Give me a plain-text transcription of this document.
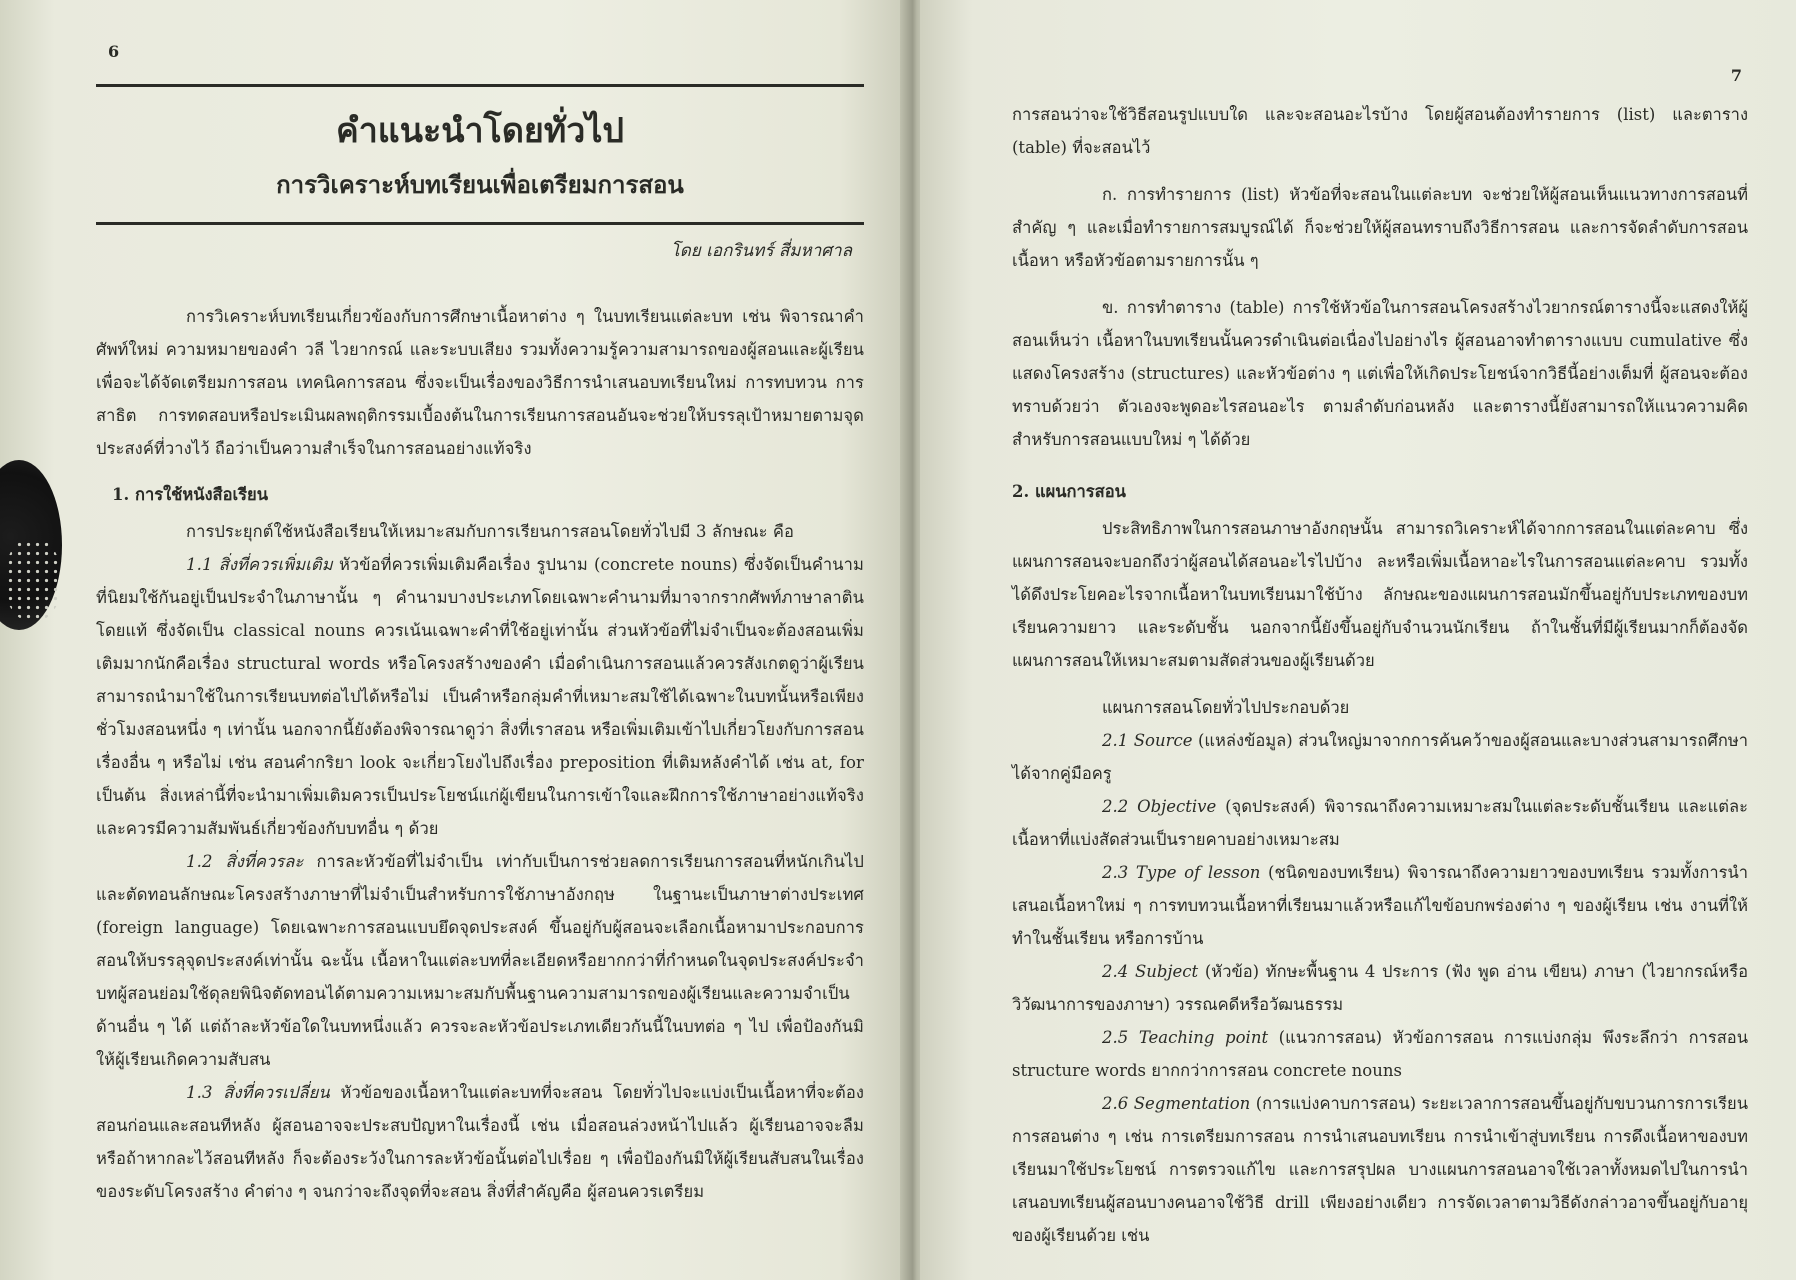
6
คำแนะนำโดยทั่วไป
การวิเคราะห์บทเรียนเพื่อเตรียมการสอน
โดย เอกรินทร์ สี่มหาศาล

การวิเคราะห์บทเรียนเกี่ยวข้องกับการศึกษาเนื้อหาต่าง ๆ ในบทเรียนแต่ละบท เช่น พิจารณาคำศัพท์ใหม่ ความหมายของคำ วลี ไวยากรณ์ และระบบเสียง รวมทั้งความรู้ความสามารถของผู้สอนและผู้เรียน เพื่อจะได้จัดเตรียมการสอน เทคนิคการสอน ซึ่งจะเป็นเรื่องของวิธีการนำเสนอบทเรียนใหม่ การทบทวน การสาธิต การทดสอบหรือประเมินผลพฤติกรรมเบื้องต้นในการเรียนการสอนอันจะช่วยให้บรรลุเป้าหมายตามจุดประสงค์ที่วางไว้ ถือว่าเป็นความสำเร็จในการสอนอย่างแท้จริง

1. การใช้หนังสือเรียน

การประยุกต์ใช้หนังสือเรียนให้เหมาะสมกับการเรียนการสอนโดยทั่วไปมี 3 ลักษณะ คือ

1.1 สิ่งที่ควรเพิ่มเติม หัวข้อที่ควรเพิ่มเติมคือเรื่อง รูปนาม (concrete nouns) ซึ่งจัดเป็นคำนามที่นิยมใช้กันอยู่เป็นประจำในภาษานั้น ๆ คำนามบางประเภทโดยเฉพาะคำนามที่มาจากรากศัพท์ภาษาลาตินโดยแท้ ซึ่งจัดเป็น classical nouns ควรเน้นเฉพาะคำที่ใช้อยู่เท่านั้น ส่วนหัวข้อที่ไม่จำเป็นจะต้องสอนเพิ่มเติมมากนักคือเรื่อง structural words หรือโครงสร้างของคำ เมื่อดำเนินการสอนแล้วควรสังเกตดูว่าผู้เรียนสามารถนำมาใช้ในการเรียนบทต่อไปได้หรือไม่ เป็นคำหรือกลุ่มคำที่เหมาะสมใช้ได้เฉพาะในบทนั้นหรือเพียงชั่วโมงสอนหนึ่ง ๆ เท่านั้น นอกจากนี้ยังต้องพิจารณาดูว่า สิ่งที่เราสอน หรือเพิ่มเติมเข้าไปเกี่ยวโยงกับการสอนเรื่องอื่น ๆ หรือไม่ เช่น สอนคำกริยา look จะเกี่ยวโยงไปถึงเรื่อง preposition ที่เติมหลังคำได้ เช่น at, for เป็นต้น สิ่งเหล่านี้ที่จะนำมาเพิ่มเติมควรเป็นประโยชน์แก่ผู้เขียนในการเข้าใจและฝึกการใช้ภาษาอย่างแท้จริง และควรมีความสัมพันธ์เกี่ยวข้องกับบทอื่น ๆ ด้วย

1.2 สิ่งที่ควรละ การละหัวข้อที่ไม่จำเป็น เท่ากับเป็นการช่วยลดการเรียนการสอนที่หนักเกินไป และตัดทอนลักษณะโครงสร้างภาษาที่ไม่จำเป็นสำหรับการใช้ภาษาอังกฤษ ในฐานะเป็นภาษาต่างประเทศ (foreign language) โดยเฉพาะการสอนแบบยึดจุดประสงค์ ขึ้นอยู่กับผู้สอนจะเลือกเนื้อหามาประกอบการสอนให้บรรลุจุดประสงค์เท่านั้น ฉะนั้น เนื้อหาในแต่ละบทที่ละเอียดหรือยากกว่าที่กำหนดในจุดประสงค์ประจำบทผู้สอนย่อมใช้ดุลยพินิจตัดทอนได้ตามความเหมาะสมกับพื้นฐานความสามารถของผู้เรียนและความจำเป็นด้านอื่น ๆ ได้ แต่ถ้าละหัวข้อใดในบทหนึ่งแล้ว ควรจะละหัวข้อประเภทเดียวกันนี้ในบทต่อ ๆ ไป เพื่อป้องกันมิให้ผู้เรียนเกิดความสับสน

1.3 สิ่งที่ควรเปลี่ยน หัวข้อของเนื้อหาในแต่ละบทที่จะสอน โดยทั่วไปจะแบ่งเป็นเนื้อหาที่จะต้องสอนก่อนและสอนทีหลัง ผู้สอนอาจจะประสบปัญหาในเรื่องนี้ เช่น เมื่อสอนล่วงหน้าไปแล้ว ผู้เรียนอาจจะลืมหรือถ้าหากละไว้สอนทีหลัง ก็จะต้องระวังในการละหัวข้อนั้นต่อไปเรื่อย ๆ เพื่อป้องกันมิให้ผู้เรียนสับสนในเรื่องของระดับโครงสร้าง คำต่าง ๆ จนกว่าจะถึงจุดที่จะสอน สิ่งที่สำคัญคือ ผู้สอนควรเตรียม

7

การสอนว่าจะใช้วิธีสอนรูปแบบใด และจะสอนอะไรบ้าง โดยผู้สอนต้องทำรายการ (list) และตาราง (table) ที่จะสอนไว้

ก. การทำรายการ (list) หัวข้อที่จะสอนในแต่ละบท จะช่วยให้ผู้สอนเห็นแนวทางการสอนที่สำคัญ ๆ และเมื่อทำรายการสมบูรณ์ได้ ก็จะช่วยให้ผู้สอนทราบถึงวิธีการสอน และการจัดลำดับการสอนเนื้อหา หรือหัวข้อตามรายการนั้น ๆ

ข. การทำตาราง (table) การใช้หัวข้อในการสอนโครงสร้างไวยากรณ์ตารางนี้จะแสดงให้ผู้สอนเห็นว่า เนื้อหาในบทเรียนนั้นควรดำเนินต่อเนื่องไปอย่างไร ผู้สอนอาจทำตารางแบบ cumulative ซึ่งแสดงโครงสร้าง (structures) และหัวข้อต่าง ๆ แต่เพื่อให้เกิดประโยชน์จากวิธีนี้อย่างเต็มที่ ผู้สอนจะต้องทราบด้วยว่า ตัวเองจะพูดอะไรสอนอะไร ตามลำดับก่อนหลัง และตารางนี้ยังสามารถให้แนวความคิดสำหรับการสอนแบบใหม่ ๆ ได้ด้วย

2. แผนการสอน

ประสิทธิภาพในการสอนภาษาอังกฤษนั้น สามารถวิเคราะห์ได้จากการสอนในแต่ละคาบ ซึ่งแผนการสอนจะบอกถึงว่าผู้สอนได้สอนอะไรไปบ้าง ละหรือเพิ่มเนื้อหาอะไรในการสอนแต่ละคาบ รวมทั้งได้ดึงประโยคอะไรจากเนื้อหาในบทเรียนมาใช้บ้าง ลักษณะของแผนการสอนมักขึ้นอยู่กับประเภทของบทเรียนความยาว และระดับชั้น นอกจากนี้ยังขึ้นอยู่กับจำนวนนักเรียน ถ้าในชั้นที่มีผู้เรียนมากก็ต้องจัดแผนการสอนให้เหมาะสมตามสัดส่วนของผู้เรียนด้วย

แผนการสอนโดยทั่วไปประกอบด้วย

2.1 Source (แหล่งข้อมูล) ส่วนใหญ่มาจากการค้นคว้าของผู้สอนและบางส่วนสามารถศึกษาได้จากคู่มือครู

2.2 Objective (จุดประสงค์) พิจารณาถึงความเหมาะสมในแต่ละระดับชั้นเรียน และแต่ละเนื้อหาที่แบ่งสัดส่วนเป็นรายคาบอย่างเหมาะสม

2.3 Type of lesson (ชนิดของบทเรียน) พิจารณาถึงความยาวของบทเรียน รวมทั้งการนำเสนอเนื้อหาใหม่ ๆ การทบทวนเนื้อหาที่เรียนมาแล้วหรือแก้ไขข้อบกพร่องต่าง ๆ ของผู้เรียน เช่น งานที่ให้ทำในชั้นเรียน หรือการบ้าน

2.4 Subject (หัวข้อ) ทักษะพื้นฐาน 4 ประการ (ฟัง พูด อ่าน เขียน) ภาษา (ไวยากรณ์หรือวิวัฒนาการของภาษา) วรรณคดีหรือวัฒนธรรม

2.5 Teaching point (แนวการสอน) หัวข้อการสอน การแบ่งกลุ่ม พึงระลึกว่า การสอน structure words ยากกว่าการสอน concrete nouns

2.6 Segmentation (การแบ่งคาบการสอน) ระยะเวลาการสอนขึ้นอยู่กับขบวนการการเรียนการสอนต่าง ๆ เช่น การเตรียมการสอน การนำเสนอบทเรียน การนำเข้าสู่บทเรียน การดึงเนื้อหาของบทเรียนมาใช้ประโยชน์ การตรวจแก้ไข และการสรุปผล บางแผนการสอนอาจใช้เวลาทั้งหมดไปในการนำเสนอบทเรียนผู้สอนบางคนอาจใช้วิธี drill เพียงอย่างเดียว การจัดเวลาตามวิธีดังกล่าวอาจขึ้นอยู่กับอายุของผู้เรียนด้วย เช่น
